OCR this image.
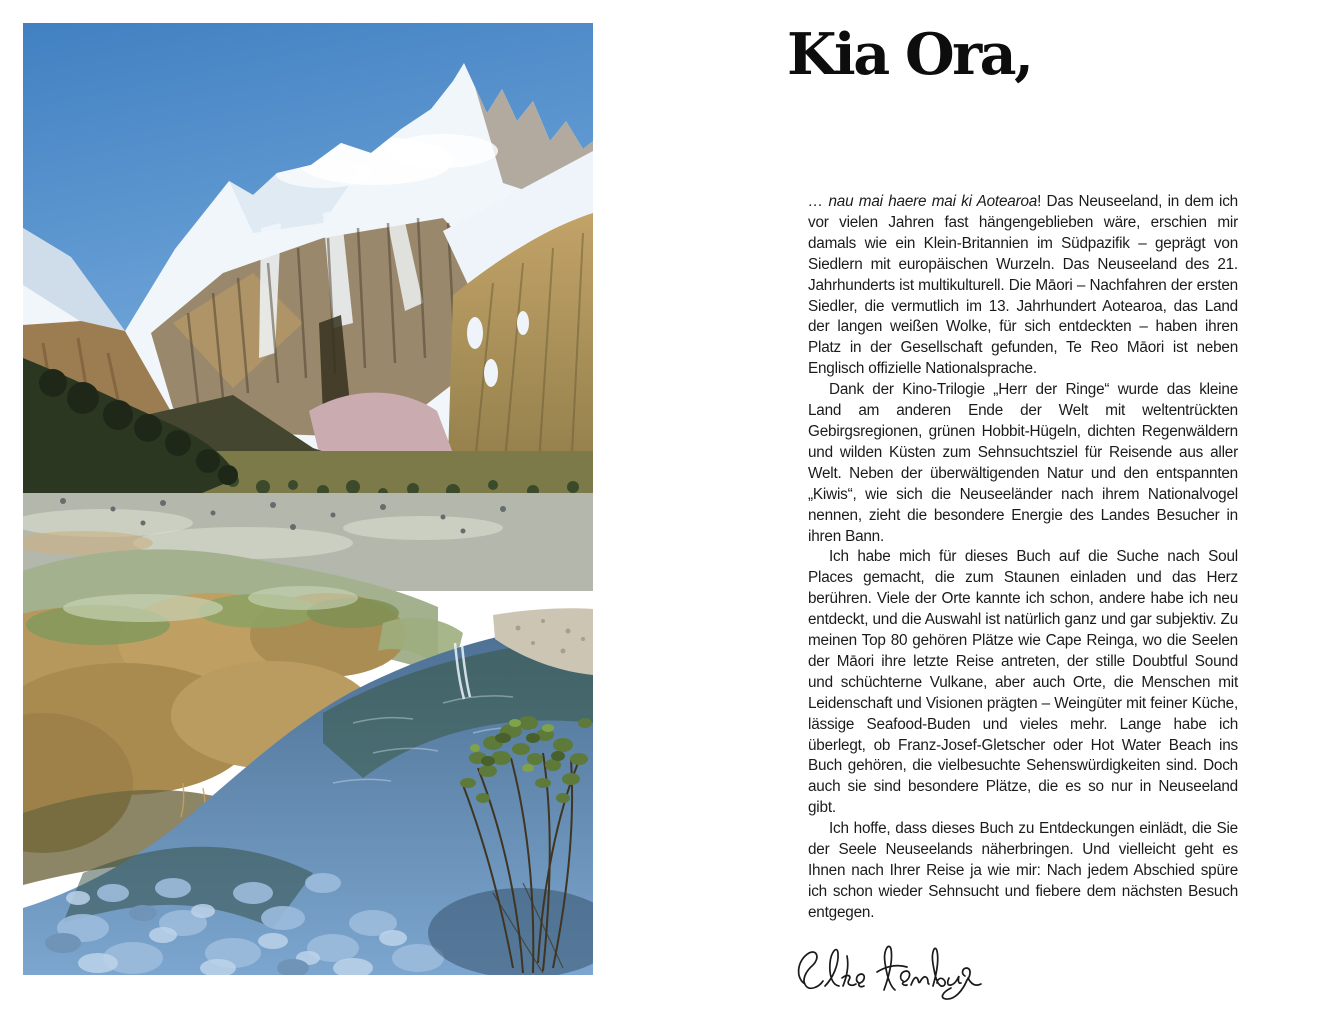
Kia Ora,

… nau mai haere mai ki Aotearoa! Das Neuseeland, in dem ich vor vielen Jahren fast hängengeblieben wäre, erschien mir damals wie ein Klein-Britannien im Südpazifik – geprägt von Siedlern mit europäischen Wurzeln. Das Neuseeland des 21. Jahrhunderts ist multikulturell. Die Māori – Nachfahren der ersten Siedler, die vermutlich im 13. Jahrhundert Aotearoa, das Land der langen weißen Wolke, für sich entdeckten – haben ihren Platz in der Gesellschaft gefunden, Te Reo Māori ist neben Englisch offizielle Nationalsprache.

Dank der Kino-Trilogie „Herr der Ringe“ wurde das kleine Land am anderen Ende der Welt mit weltentrückten Gebirgsregionen, grünen Hobbit-Hügeln, dichten Regenwäldern und wilden Küsten zum Sehnsuchtsziel für Reisende aus aller Welt. Neben der überwältigenden Natur und den entspannten „Kiwis“, wie sich die Neuseeländer nach ihrem Nationalvogel nennen, zieht die besondere Energie des Landes Besucher in ihren Bann.

Ich habe mich für dieses Buch auf die Suche nach Soul Places gemacht, die zum Staunen einladen und das Herz berühren. Viele der Orte kannte ich schon, andere habe ich neu entdeckt, und die Auswahl ist natürlich ganz und gar subjektiv. Zu meinen Top 80 gehören Plätze wie Cape Reinga, wo die Seelen der Māori ihre letzte Reise antreten, der stille Doubtful Sound und schüchterne Vulkane, aber auch Orte, die Menschen mit Leidenschaft und Visionen prägten – Weingüter mit feiner Küche, lässige Seafood-Buden und vieles mehr. Lange habe ich überlegt, ob Franz-Josef-Gletscher oder Hot Water Beach ins Buch gehören, die vielbesuchte Sehenswürdigkeiten sind. Doch auch sie sind besondere Plätze, die es so nur in Neuseeland gibt.

Ich hoffe, dass dieses Buch zu Entdeckungen einlädt, die Sie der Seele Neuseelands näherbringen. Und vielleicht geht es Ihnen nach Ihrer Reise ja wie mir: Nach jedem Abschied spüre ich schon wieder Sehnsucht und fiebere dem nächsten Besuch entgegen.
